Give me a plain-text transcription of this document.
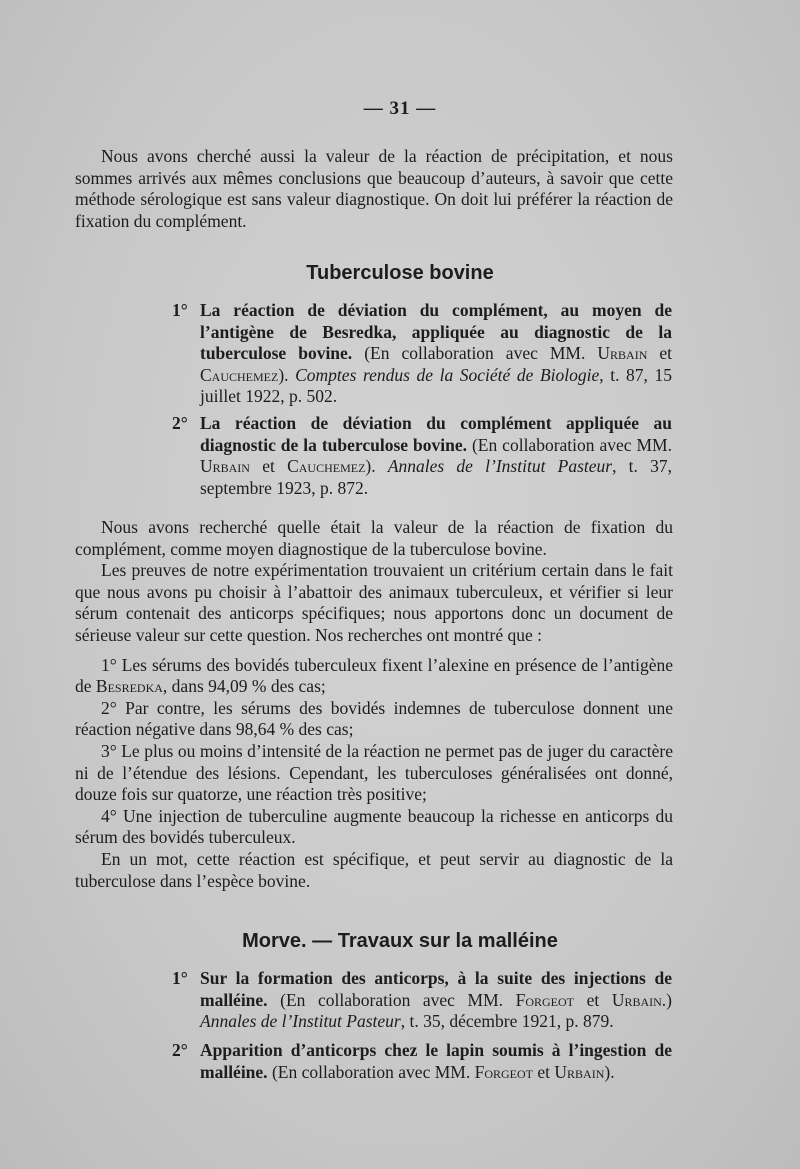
— 31 —

Nous avons cherché aussi la valeur de la réaction de précipitation, et nous sommes arrivés aux mêmes conclusions que beaucoup d’auteurs, à savoir que cette méthode sérologique est sans valeur diagnostique. On doit lui préférer la réaction de fixation du complément.

Tuberculose bovine
1° La réaction de déviation du complément, au moyen de l’antigène de Besredka, appliquée au diagnostic de la tuberculose bovine. (En collaboration avec MM. Urbain et Cauchemez). Comptes rendus de la Société de Biologie, t. 87, 15 juillet 1922, p. 502.
2° La réaction de déviation du complément appliquée au diagnostic de la tuberculose bovine. (En collaboration avec MM. Urbain et Cauchemez). Annales de l’Institut Pasteur, t. 37, septembre 1923, p. 872.

Nous avons recherché quelle était la valeur de la réaction de fixation du complément, comme moyen diagnostique de la tuberculose bovine.

Les preuves de notre expérimentation trouvaient un critérium certain dans le fait que nous avons pu choisir à l’abattoir des animaux tuberculeux, et vérifier si leur sérum contenait des anticorps spécifiques; nous apportons donc un document de sérieuse valeur sur cette question. Nos recherches ont montré que :

1° Les sérums des bovidés tuberculeux fixent l’alexine en présence de l’antigène de Besredka, dans 94,09 % des cas;

2° Par contre, les sérums des bovidés indemnes de tuberculose donnent une réaction négative dans 98,64 % des cas;

3° Le plus ou moins d’intensité de la réaction ne permet pas de juger du caractère ni de l’étendue des lésions. Cependant, les tuberculoses généralisées ont donné, douze fois sur quatorze, une réaction très positive;

4° Une injection de tuberculine augmente beaucoup la richesse en anticorps du sérum des bovidés tuberculeux.

En un mot, cette réaction est spécifique, et peut servir au diagnostic de la tuberculose dans l’espèce bovine.

Morve. — Travaux sur la malléine
1° Sur la formation des anticorps, à la suite des injections de malléine. (En collaboration avec MM. Forgeot et Urbain.) Annales de l’Institut Pasteur, t. 35, décembre 1921, p. 879.
2° Apparition d’anticorps chez le lapin soumis à l’ingestion de malléine. (En collaboration avec MM. Forgeot et Urbain).
